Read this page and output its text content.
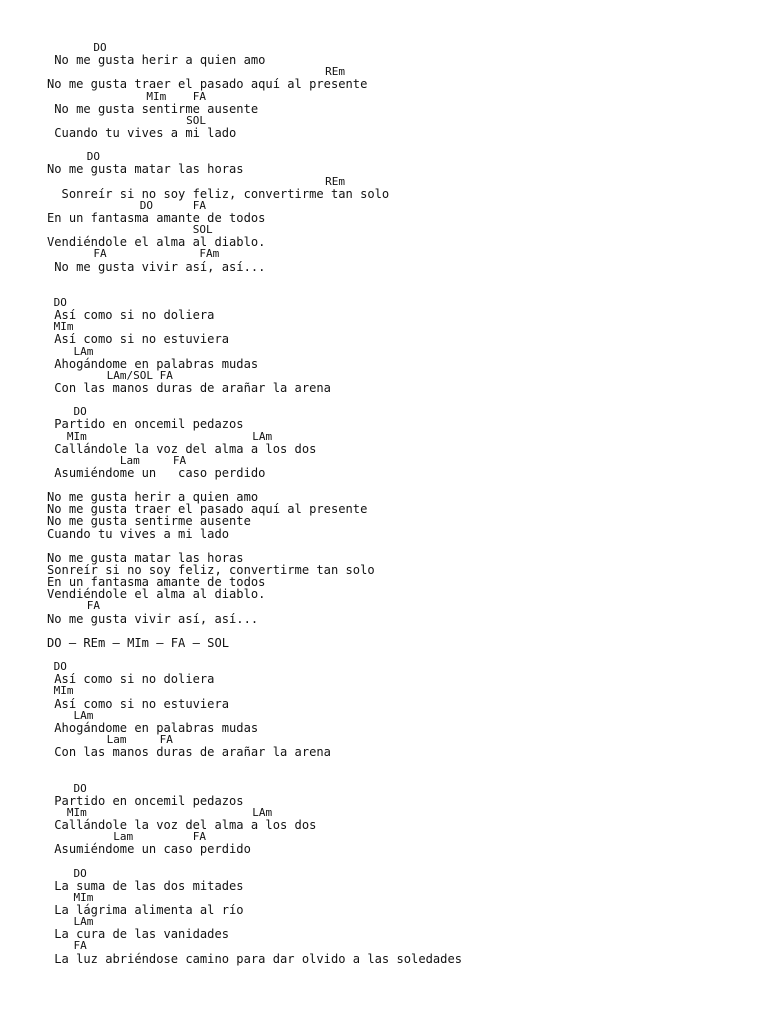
DO
No me gusta herir a quien amo
REm
No me gusta traer el pasado aquí al presente
MIm    FA
No me gusta sentirme ausente
SOL
Cuando tu vives a mi lado
DO
No me gusta matar las horas
REm
Sonreír si no soy feliz, convertirme tan solo
DO      FA
En un fantasma amante de todos
SOL
Vendiéndole el alma al diablo.
FA              FAm
No me gusta vivir así, así...
DO
Así como si no doliera
MIm
Así como si no estuviera
LAm
Ahogándome en palabras mudas
LAm/SOL FA
Con las manos duras de arañar la arena
DO
Partido en oncemil pedazos
MIm                         LAm
Callándole la voz del alma a los dos
Lam     FA
Asumiéndome un   caso perdido
No me gusta herir a quien amo
No me gusta traer el pasado aquí al presente
No me gusta sentirme ausente
Cuando tu vives a mi lado
No me gusta matar las horas
Sonreír si no soy feliz, convertirme tan solo
En un fantasma amante de todos
Vendiéndole el alma al diablo.
FA
No me gusta vivir así, así...
DO – REm – MIm – FA – SOL
DO
Así como si no doliera
MIm
Así como si no estuviera
LAm
Ahogándome en palabras mudas
Lam     FA
Con las manos duras de arañar la arena
DO
Partido en oncemil pedazos
MIm                         LAm
Callándole la voz del alma a los dos
Lam         FA
Asumiéndome un caso perdido
DO
La suma de las dos mitades
MIm
La lágrima alimenta al río
LAm
La cura de las vanidades
FA
La luz abriéndose camino para dar olvido a las soledades
